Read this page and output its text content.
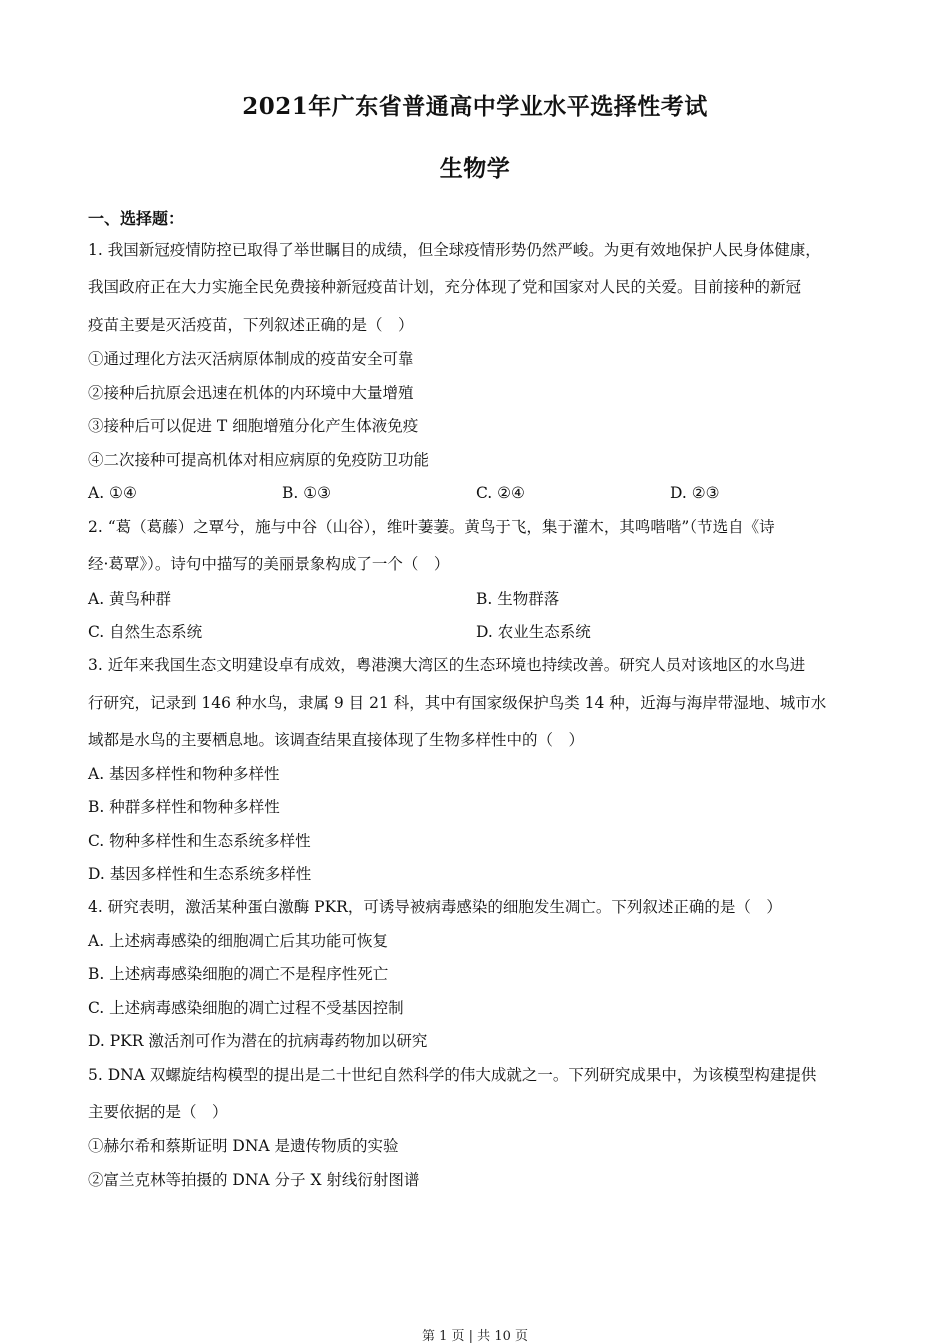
2021年广东省普通高中学业水平选择性考试
生物学
一、选择题：
1. 我国新冠疫情防控已取得了举世瞩目的成绩，但全球疫情形势仍然严峻。为更有效地保护人民身体健康，
我国政府正在大力实施全民免费接种新冠疫苗计划，充分体现了党和国家对人民的关爱。目前接种的新冠
疫苗主要是灭活疫苗，下列叙述正确的是（　）
①通过理化方法灭活病原体制成的疫苗安全可靠
②接种后抗原会迅速在机体的内环境中大量增殖
③接种后可以促进 T 细胞增殖分化产生体液免疫
④二次接种可提高机体对相应病原的免疫防卫功能
A. ①④	B. ①③	C. ②④	D. ②③
2. “葛（葛藤）之覃兮，施与中谷（山谷），维叶萋萋。黄鸟于飞，集于灌木，其鸣喈喈”（节选自《诗
经·葛覃》）。诗句中描写的美丽景象构成了一个（　）
A. 黄鸟种群	B. 生物群落
C. 自然生态系统	D. 农业生态系统
3. 近年来我国生态文明建设卓有成效，粤港澳大湾区的生态环境也持续改善。研究人员对该地区的水鸟进
行研究，记录到 146 种水鸟，隶属 9 目 21 科，其中有国家级保护鸟类 14 种，近海与海岸带湿地、城市水
域都是水鸟的主要栖息地。该调查结果直接体现了生物多样性中的（　）
A. 基因多样性和物种多样性
B. 种群多样性和物种多样性
C. 物种多样性和生态系统多样性
D. 基因多样性和生态系统多样性
4. 研究表明，激活某种蛋白激酶 PKR，可诱导被病毒感染的细胞发生凋亡。下列叙述正确的是（　）
A. 上述病毒感染的细胞凋亡后其功能可恢复
B. 上述病毒感染细胞的凋亡不是程序性死亡
C. 上述病毒感染细胞的凋亡过程不受基因控制
D. PKR 激活剂可作为潜在的抗病毒药物加以研究
5. DNA 双螺旋结构模型的提出是二十世纪自然科学的伟大成就之一。下列研究成果中，为该模型构建提供
主要依据的是（　）
①赫尔希和蔡斯证明 DNA 是遗传物质的实验
②富兰克林等拍摄的 DNA 分子 X 射线衍射图谱
第 1 页 | 共 10 页
